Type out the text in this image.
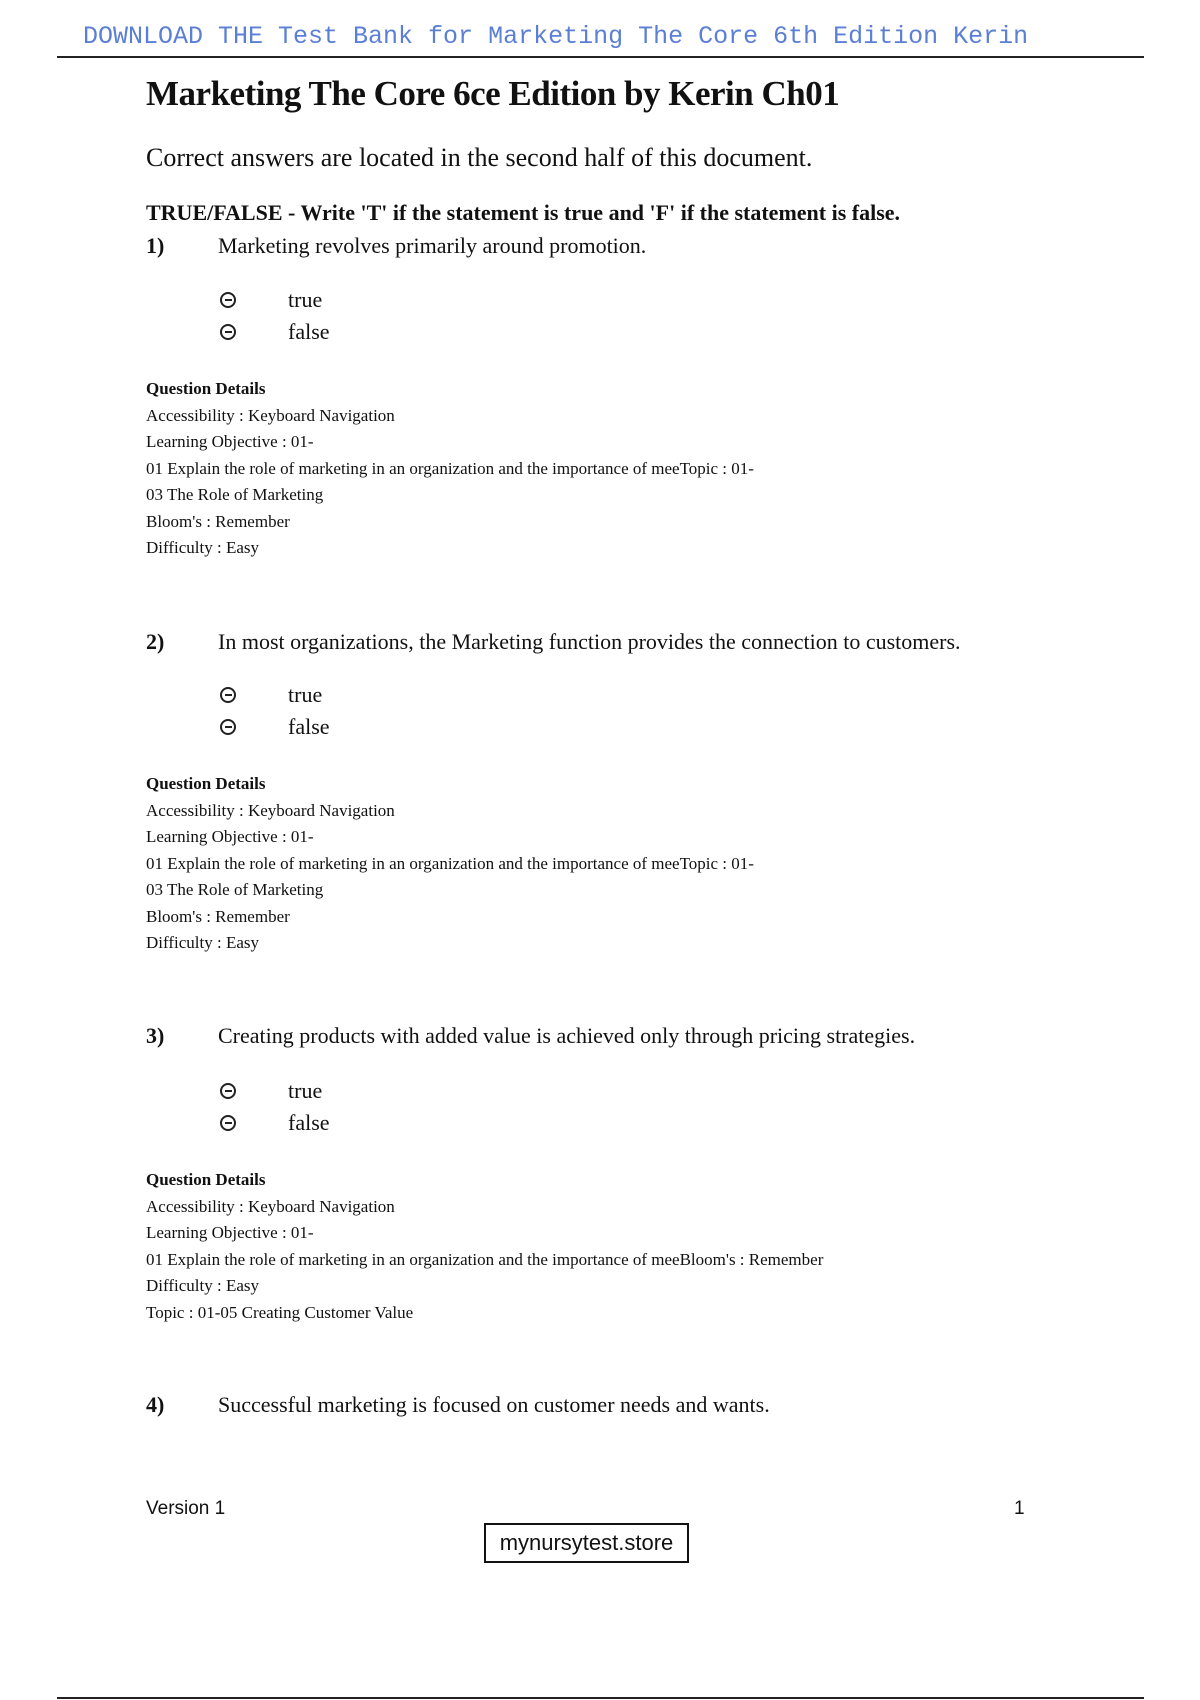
DOWNLOAD THE Test Bank for Marketing The Core 6th Edition Kerin
Marketing The Core 6ce Edition by Kerin Ch01
Correct answers are located in the second half of this document.
TRUE/FALSE - Write 'T' if the statement is true and 'F' if the statement is false.
1) Marketing revolves primarily around promotion.
true
false
Question Details
Accessibility : Keyboard Navigation
Learning Objective : 01-
01 Explain the role of marketing in an organization and the importance of meeTopic : 01-
03 The Role of Marketing
Bloom's : Remember
Difficulty : Easy
2) In most organizations, the Marketing function provides the connection to customers.
true
false
Question Details
Accessibility : Keyboard Navigation
Learning Objective : 01-
01 Explain the role of marketing in an organization and the importance of meeTopic : 01-
03 The Role of Marketing
Bloom's : Remember
Difficulty : Easy
3) Creating products with added value is achieved only through pricing strategies.
true
false
Question Details
Accessibility : Keyboard Navigation
Learning Objective : 01-
01 Explain the role of marketing in an organization and the importance of meeBloom's : Remember
Difficulty : Easy
Topic : 01-05 Creating Customer Value
4) Successful marketing is focused on customer needs and wants.
Version 1	1
mynursytest.store
